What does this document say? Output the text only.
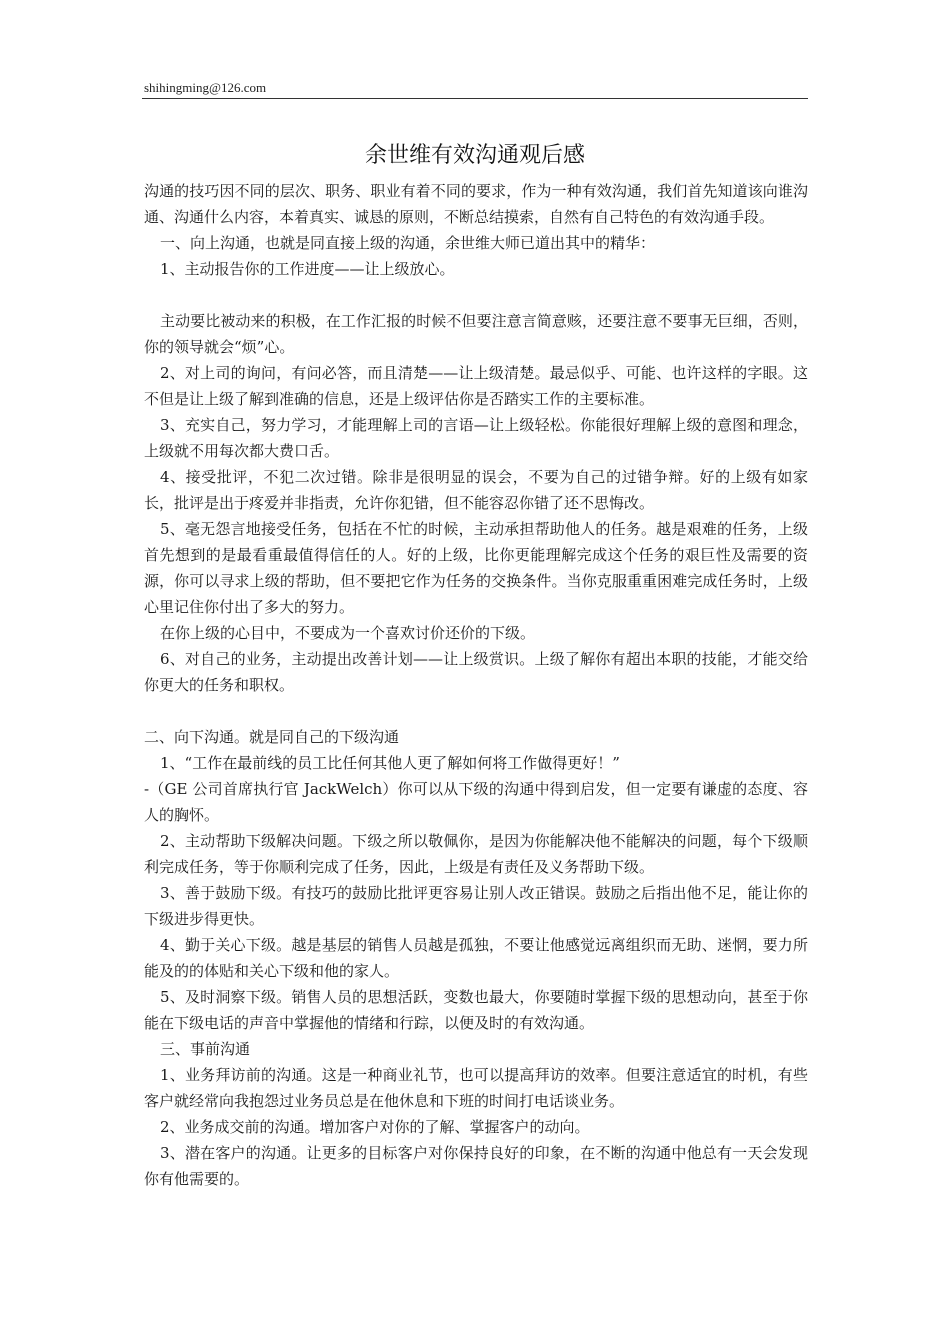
shihingming@126.com
余世维有效沟通观后感

沟通的技巧因不同的层次、职务、职业有着不同的要求，作为一种有效沟通，我们首先知道该向谁沟通、沟通什么内容，本着真实、诚恳的原则，不断总结摸索，自然有自己特色的有效沟通手段。

一、向上沟通，也就是同直接上级的沟通，余世维大师已道出其中的精华：

1、主动报告你的工作进度——让上级放心。

主动要比被动来的积极，在工作汇报的时候不但要注意言简意赅，还要注意不要事无巨细，否则，你的领导就会“烦”心。

2、对上司的询问，有问必答，而且清楚——让上级清楚。最忌似乎、可能、也许这样的字眼。这不但是让上级了解到准确的信息，还是上级评估你是否踏实工作的主要标准。

3、充实自己，努力学习，才能理解上司的言语—让上级轻松。你能很好理解上级的意图和理念，上级就不用每次都大费口舌。

4、接受批评，不犯二次过错。除非是很明显的误会，不要为自己的过错争辩。好的上级有如家长，批评是出于疼爱并非指责，允许你犯错，但不能容忍你错了还不思悔改。

5、毫无怨言地接受任务，包括在不忙的时候，主动承担帮助他人的任务。越是艰难的任务，上级首先想到的是最看重最值得信任的人。好的上级，比你更能理解完成这个任务的艰巨性及需要的资源，你可以寻求上级的帮助，但不要把它作为任务的交换条件。当你克服重重困难完成任务时，上级心里记住你付出了多大的努力。

在你上级的心目中，不要成为一个喜欢讨价还价的下级。

6、对自己的业务，主动提出改善计划——让上级赏识。上级了解你有超出本职的技能，才能交给你更大的任务和职权。

二、向下沟通。就是同自己的下级沟通

1、“工作在最前线的员工比任何其他人更了解如何将工作做得更好！”

-（GE 公司首席执行官 JackWelch）你可以从下级的沟通中得到启发，但一定要有谦虚的态度、容人的胸怀。

2、主动帮助下级解决问题。下级之所以敬佩你，是因为你能解决他不能解决的问题，每个下级顺利完成任务，等于你顺利完成了任务，因此，上级是有责任及义务帮助下级。

3、善于鼓励下级。有技巧的鼓励比批评更容易让别人改正错误。鼓励之后指出他不足，能让你的下级进步得更快。

4、勤于关心下级。越是基层的销售人员越是孤独，不要让他感觉远离组织而无助、迷惘，要力所能及的的体贴和关心下级和他的家人。

5、及时洞察下级。销售人员的思想活跃，变数也最大，你要随时掌握下级的思想动向，甚至于你能在下级电话的声音中掌握他的情绪和行踪，以便及时的有效沟通。

三、事前沟通

1、业务拜访前的沟通。这是一种商业礼节，也可以提高拜访的效率。但要注意适宜的时机，有些客户就经常向我抱怨过业务员总是在他休息和下班的时间打电话谈业务。

2、业务成交前的沟通。增加客户对你的了解、掌握客户的动向。

3、潜在客户的沟通。让更多的目标客户对你保持良好的印象，在不断的沟通中他总有一天会发现你有他需要的。
